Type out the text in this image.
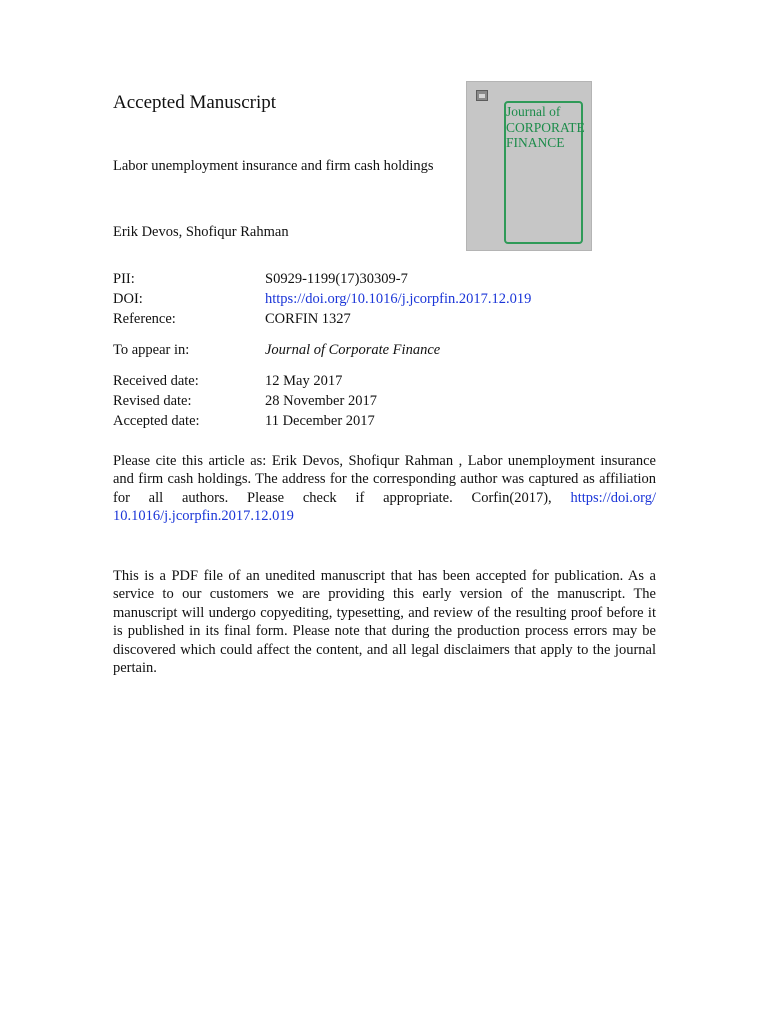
Accepted Manuscript
Labor unemployment insurance and firm cash holdings
Erik Devos, Shofiqur Rahman
Journal of
CORPORATE
FINANCE
PII:	S0929-1199(17)30309-7
DOI:	https://doi.org/10.1016/j.jcorpfin.2017.12.019
Reference:	CORFIN 1327
To appear in:	Journal of Corporate Finance
Received date:	12 May 2017
Revised date:	28 November 2017
Accepted date:	11 December 2017
Please cite this article as: Erik Devos, Shofiqur Rahman , Labor unemployment insurance and firm cash holdings. The address for the corresponding author was captured as affiliation for all authors. Please check if appropriate. Corfin(2017), https://doi.org/ 10.1016/j.jcorpfin.2017.12.019
This is a PDF file of an unedited manuscript that has been accepted for publication. As a service to our customers we are providing this early version of the manuscript. The manuscript will undergo copyediting, typesetting, and review of the resulting proof before it is published in its final form. Please note that during the production process errors may be discovered which could affect the content, and all legal disclaimers that apply to the journal pertain.
